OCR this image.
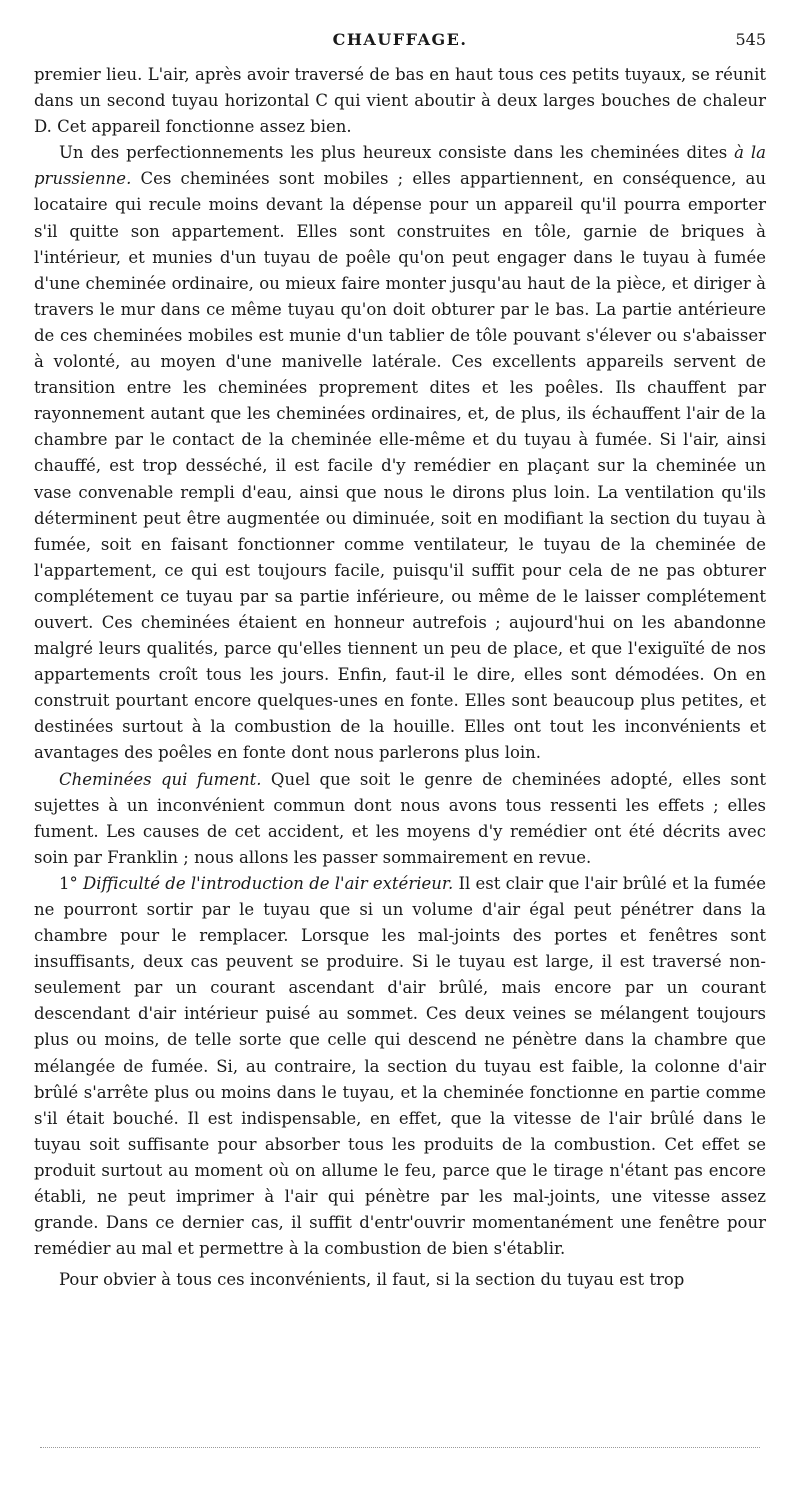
CHAUFFAGE.	545

premier lieu. L'air, après avoir traversé de bas en haut tous ces petits tuyaux, se réunit dans un second tuyau horizontal C qui vient aboutir à deux larges bouches de chaleur D. Cet appareil fonctionne assez bien.

Un des perfectionnements les plus heureux consiste dans les cheminées dites à la prussienne. Ces cheminées sont mobiles ; elles appartiennent, en conséquence, au locataire qui recule moins devant la dépense pour un appareil qu'il pourra emporter s'il quitte son appartement. Elles sont construites en tôle, garnie de briques à l'intérieur, et munies d'un tuyau de poêle qu'on peut engager dans le tuyau à fumée d'une cheminée ordinaire, ou mieux faire monter jusqu'au haut de la pièce, et diriger à travers le mur dans ce même tuyau qu'on doit obturer par le bas. La partie antérieure de ces cheminées mobiles est munie d'un tablier de tôle pouvant s'élever ou s'abaisser à volonté, au moyen d'une manivelle latérale. Ces excellents appareils servent de transition entre les cheminées proprement dites et les poêles. Ils chauffent par rayonnement autant que les cheminées ordinaires, et, de plus, ils échauffent l'air de la chambre par le contact de la cheminée elle-même et du tuyau à fumée. Si l'air, ainsi chauffé, est trop desséché, il est facile d'y remédier en plaçant sur la cheminée un vase convenable rempli d'eau, ainsi que nous le dirons plus loin. La ventilation qu'ils déterminent peut être augmentée ou diminuée, soit en modifiant la section du tuyau à fumée, soit en faisant fonctionner comme ventilateur, le tuyau de la cheminée de l'appartement, ce qui est toujours facile, puisqu'il suffit pour cela de ne pas obturer complétement ce tuyau par sa partie inférieure, ou même de le laisser complétement ouvert. Ces cheminées étaient en honneur autrefois ; aujourd'hui on les abandonne malgré leurs qualités, parce qu'elles tiennent un peu de place, et que l'exiguïté de nos appartements croît tous les jours. Enfin, faut-il le dire, elles sont démodées. On en construit pourtant encore quelques-unes en fonte. Elles sont beaucoup plus petites, et destinées surtout à la combustion de la houille. Elles ont tout les inconvénients et avantages des poêles en fonte dont nous parlerons plus loin.

Cheminées qui fument. Quel que soit le genre de cheminées adopté, elles sont sujettes à un inconvénient commun dont nous avons tous ressenti les effets ; elles fument. Les causes de cet accident, et les moyens d'y remédier ont été décrits avec soin par Franklin ; nous allons les passer sommairement en revue.

1° Difficulté de l'introduction de l'air extérieur. Il est clair que l'air brûlé et la fumée ne pourront sortir par le tuyau que si un volume d'air égal peut pénétrer dans la chambre pour le remplacer. Lorsque les mal-joints des portes et fenêtres sont insuffisants, deux cas peuvent se produire. Si le tuyau est large, il est traversé non-seulement par un courant ascendant d'air brûlé, mais encore par un courant descendant d'air intérieur puisé au sommet. Ces deux veines se mélangent toujours plus ou moins, de telle sorte que celle qui descend ne pénètre dans la chambre que mélangée de fumée. Si, au contraire, la section du tuyau est faible, la colonne d'air brûlé s'arrête plus ou moins dans le tuyau, et la cheminée fonctionne en partie comme s'il était bouché. Il est indispensable, en effet, que la vitesse de l'air brûlé dans le tuyau soit suffisante pour absorber tous les produits de la combustion. Cet effet se produit surtout au moment où on allume le feu, parce que le tirage n'étant pas encore établi, ne peut imprimer à l'air qui pénètre par les mal-joints, une vitesse assez grande. Dans ce dernier cas, il suffit d'entr'ouvrir momentanément une fenêtre pour remédier au mal et permettre à la combustion de bien s'établir.

Pour obvier à tous ces inconvénients, il faut, si la section du tuyau est trop
